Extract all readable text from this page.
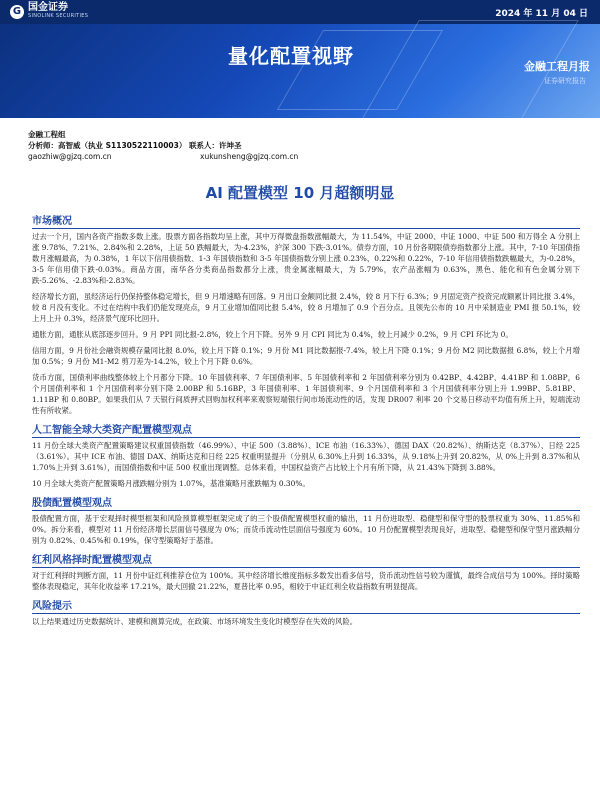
G 国金证券
SINOLINK SECURITIES	2024 年 11 月 04 日
量化配置视野	金融工程月报
证券研究报告
金融工程组
分析师：高智威（执业 S1130522110003） 联系人：许坤圣
gaozhiw@gjzq.com.cn	xukunsheng@gjzq.com.cn
AI 配置模型 10 月超额明显
市场概况
过去一个月，国内各资产指数多数上涨。股票方面各指数均呈上涨，其中万得微盘指数涨幅最大，为 11.54%，中证 2000、中证 1000、中证 500 和万得全 A 分别上涨 9.78%、7.21%、2.84%和 2.28%，上证 50 跌幅最大，为-4.23%，沪深 300 下跌-3.01%。债券方面，10 月份各期限债券指数都分上涨。其中，7-10 年国债指数月涨幅最高，为 0.38%，1 年以下信用债指数、1-3 年国债指数和 3-5 年国债指数分别上涨 0.23%、0.22%和 0.22%，7-10 年信用债指数跌幅最大，为-0.28%，3-5 年信用债下跌-0.03%。商品方面，南华各分类商品指数都分上涨，贵金属涨幅最大，为 5.79%，农产品涨幅为 0.63%，黑色、能化和有色金属分别下跌-5.26%、-2.83%和-2.83%。
经济增长方面，虽经济运行仍保持整体稳定增长，但 9 月增速略有回落。9 月出口金额同比报 2.4%，较 8 月下行 6.3%；9 月固定资产投资完成额累计同比报 3.4%，较 8 月没有变化。不过在结构中我们仍能发现亮点，9 月工业增加值同比报 5.4%，较 8 月增加了 0.9 个百分点。且领先公布的 10 月中采制造业 PMI 报 50.1%，较上月上升 0.3%，经济景气度环比回升。
通胀方面，通胀从底部逐步回升。9 月 PPI 同比报-2.8%，较上个月下降。另外 9 月 CPI 同比为 0.4%，较上月减少 0.2%，9 月 CPI 环比为 0。
信用方面，9 月份社会融资规模存量同比报 8.0%，较上月下降 0.1%；9 月份 M1 同比数据报-7.4%，较上月下降 0.1%；9 月份 M2 同比数据报 6.8%，较上个月增加 0.5%；9 月份 M1-M2 剪刀差为-14.2%，较上个月下降 0.6%。
货币方面，国债利率曲线整体较上个月都分下降。10 年国债利率、7 年国债利率、5 年国债利率和 2 年国债利率分别为 0.42BP、4.42BP、4.41BP 和 1.08BP，6 个月国债利率和 1 个月国债利率分别下降 2.00BP 和 5.16BP，3 年国债利率、1 年国债利率、9 个月国债利率和 3 个月国债利率分别上升 1.99BP、5.81BP、1.11BP 和 0.80BP。如果我们从 7 天银行间质押式回购加权利率来观察短端银行间市场流动性的话，发现 DR007 利率 20 个交易日移动平均值有所上升，短端流动性有所收紧。
人工智能全球大类资产配置模型观点
11 月份全球大类资产配置策略建议权重国债指数（46.99%）、中证 500（3.88%）、ICE 布油（16.33%）、德国 DAX（20.82%）、纳斯达克（8.37%）、日经 225（3.61%）。其中 ICE 布油、德国 DAX、纳斯达克和日经 225 权重明显提升（分别从 6.30%上升到 16.33%，从 9.18%上升到 20.82%，从 0%上升到 8.37%和从 1.70%上升到 3.61%），而国债指数和中证 500 权重出现调整。总体来看，中国权益资产占比较上个月有所下降，从 21.43%下降到 3.88%。
10 月全球大类资产配置策略月涨跌幅分别为 1.07%，基准策略月涨跌幅为 0.30%。
股债配置模型观点
股债配置方面，基于宏观择时模型框架和风险预算模型框架完成了的三个股债配置模型权重的输出，11 月份进取型、稳健型和保守型的股票权重为 30%、11.85%和 0%。拆分来看，模型对 11 月份经济增长层面信号强度为 0%；而货币流动性层面信号强度为 60%。10 月份配置模型表现良好，进取型、稳健型和保守型月涨跌幅分别为 0.82%、0.45%和 0.19%，保守型策略好于基准。
红利风格择时配置模型观点
对于红利择时判断方面，11 月份中证红利推荐仓位为 100%。其中经济增长维度指标多数发出看多信号，货币流动性信号较为谨慎，最终合成信号为 100%。择时策略整体表现稳定，其年化收益率 17.21%，最大回撤 21.22%，夏普比率 0.95，相较于中证红利全收益指数有明显提高。
风险提示
以上结果通过历史数据统计、建模和测算完成，在政策、市场环境发生变化时模型存在失效的风险。
